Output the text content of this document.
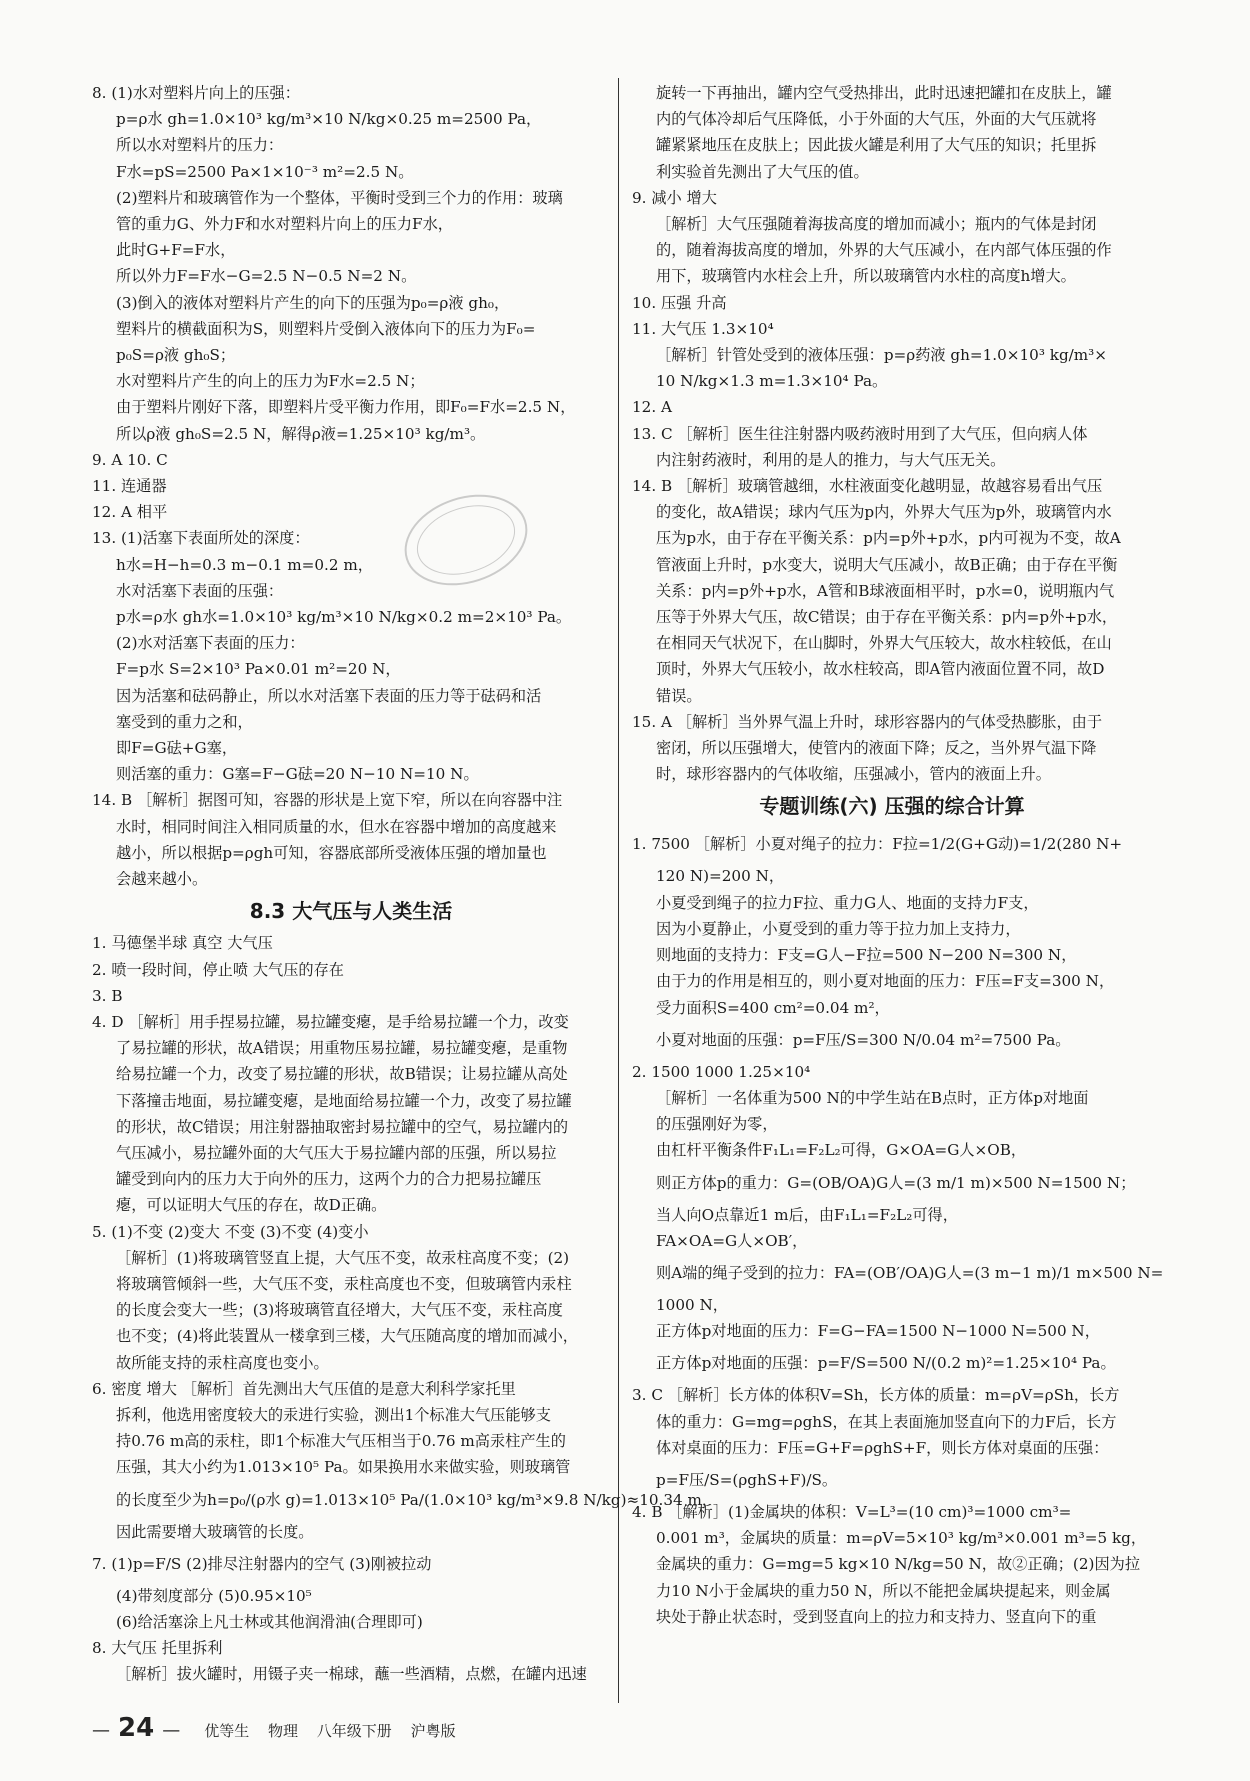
8. (1)水对塑料片向上的压强：
p=ρ水 gh=1.0×10³ kg/m³×10 N/kg×0.25 m=2500 Pa，
所以水对塑料片的压力：
F水=pS=2500 Pa×1×10⁻³ m²=2.5 N。
(2)塑料片和玻璃管作为一个整体，平衡时受到三个力的作用：玻璃
管的重力G、外力F和水对塑料片向上的压力F水，
此时G+F=F水，
所以外力F=F水−G=2.5 N−0.5 N=2 N。
(3)倒入的液体对塑料片产生的向下的压强为p₀=ρ液 gh₀，
塑料片的横截面积为S，则塑料片受倒入液体向下的压力为F₀=
p₀S=ρ液 gh₀S；
水对塑料片产生的向上的压力为F水=2.5 N；
由于塑料片刚好下落，即塑料片受平衡力作用，即F₀=F水=2.5 N，
所以ρ液 gh₀S=2.5 N，解得ρ液=1.25×10³ kg/m³。
9. A 10. C
11. 连通器
12. A 相平
13. (1)活塞下表面所处的深度：
h水=H−h=0.3 m−0.1 m=0.2 m，
水对活塞下表面的压强：
p水=ρ水 gh水=1.0×10³ kg/m³×10 N/kg×0.2 m=2×10³ Pa。
(2)水对活塞下表面的压力：
F=p水 S=2×10³ Pa×0.01 m²=20 N，
因为活塞和砝码静止，所以水对活塞下表面的压力等于砝码和活
塞受到的重力之和，
即F=G砝+G塞，
则活塞的重力：G塞=F−G砝=20 N−10 N=10 N。
14. B ［解析］据图可知，容器的形状是上宽下窄，所以在向容器中注
水时，相同时间注入相同质量的水，但水在容器中增加的高度越来
越小，所以根据p=ρgh可知，容器底部所受液体压强的增加量也
会越来越小。
8.3 大气压与人类生活
1. 马德堡半球 真空 大气压
2. 喷一段时间，停止喷 大气压的存在
3. B
4. D ［解析］用手捏易拉罐，易拉罐变瘪，是手给易拉罐一个力，改变
了易拉罐的形状，故A错误；用重物压易拉罐，易拉罐变瘪，是重物
给易拉罐一个力，改变了易拉罐的形状，故B错误；让易拉罐从高处
下落撞击地面，易拉罐变瘪，是地面给易拉罐一个力，改变了易拉罐
的形状，故C错误；用注射器抽取密封易拉罐中的空气，易拉罐内的
气压减小，易拉罐外面的大气压大于易拉罐内部的压强，所以易拉
罐受到向内的压力大于向外的压力，这两个力的合力把易拉罐压
瘪，可以证明大气压的存在，故D正确。
5. (1)不变 (2)变大 不变 (3)不变 (4)变小
［解析］(1)将玻璃管竖直上提，大气压不变，故汞柱高度不变；(2)
将玻璃管倾斜一些，大气压不变，汞柱高度也不变，但玻璃管内汞柱
的长度会变大一些；(3)将玻璃管直径增大，大气压不变，汞柱高度
也不变；(4)将此装置从一楼拿到三楼，大气压随高度的增加而减小，
故所能支持的汞柱高度也变小。
6. 密度 增大 ［解析］首先测出大气压值的是意大利科学家托里
拆利，他选用密度较大的汞进行实验，测出1个标准大气压能够支
持0.76 m高的汞柱，即1个标准大气压相当于0.76 m高汞柱产生的
压强，其大小约为1.013×10⁵ Pa。如果换用水来做实验，则玻璃管
的长度至少为h=p₀/(ρ水 g)=1.013×10⁵ Pa/(1.0×10³ kg/m³×9.8 N/kg)≈10.34 m，
因此需要增大玻璃管的长度。
7. (1)p=F/S (2)排尽注射器内的空气 (3)刚被拉动
(4)带刻度部分 (5)0.95×10⁵
(6)给活塞涂上凡士林或其他润滑油(合理即可)
8. 大气压 托里拆利
［解析］拔火罐时，用镊子夹一棉球，蘸一些酒精，点燃，在罐内迅速
旋转一下再抽出，罐内空气受热排出，此时迅速把罐扣在皮肤上，罐
内的气体冷却后气压降低，小于外面的大气压，外面的大气压就将
罐紧紧地压在皮肤上；因此拔火罐是利用了大气压的知识；托里拆
利实验首先测出了大气压的值。
9. 减小 增大
［解析］大气压强随着海拔高度的增加而减小；瓶内的气体是封闭
的，随着海拔高度的增加，外界的大气压减小，在内部气体压强的作
用下，玻璃管内水柱会上升，所以玻璃管内水柱的高度h增大。
10. 压强 升高
11. 大气压 1.3×10⁴
［解析］针管处受到的液体压强：p=ρ药液 gh=1.0×10³ kg/m³×
10 N/kg×1.3 m=1.3×10⁴ Pa。
12. A
13. C ［解析］医生往注射器内吸药液时用到了大气压，但向病人体
内注射药液时，利用的是人的推力，与大气压无关。
14. B ［解析］玻璃管越细，水柱液面变化越明显，故越容易看出气压
的变化，故A错误；球内气压为p内，外界大气压为p外，玻璃管内水
压为p水，由于存在平衡关系：p内=p外+p水，p内可视为不变，故A
管液面上升时，p水变大，说明大气压减小，故B正确；由于存在平衡
关系：p内=p外+p水，A管和B球液面相平时，p水=0，说明瓶内气
压等于外界大气压，故C错误；由于存在平衡关系：p内=p外+p水，
在相同天气状况下，在山脚时，外界大气压较大，故水柱较低，在山
顶时，外界大气压较小，故水柱较高，即A管内液面位置不同，故D
错误。
15. A ［解析］当外界气温上升时，球形容器内的气体受热膨胀，由于
密闭，所以压强增大，使管内的液面下降；反之，当外界气温下降
时，球形容器内的气体收缩，压强减小，管内的液面上升。
专题训练(六) 压强的综合计算
1. 7500 ［解析］小夏对绳子的拉力：F拉=1/2(G+G动)=1/2(280 N+
120 N)=200 N，
小夏受到绳子的拉力F拉、重力G人、地面的支持力F支，
因为小夏静止，小夏受到的重力等于拉力加上支持力，
则地面的支持力：F支=G人−F拉=500 N−200 N=300 N，
由于力的作用是相互的，则小夏对地面的压力：F压=F支=300 N，
受力面积S=400 cm²=0.04 m²，
小夏对地面的压强：p=F压/S=300 N/0.04 m²=7500 Pa。
2. 1500 1000 1.25×10⁴
［解析］一名体重为500 N的中学生站在B点时，正方体p对地面
的压强刚好为零，
由杠杆平衡条件F₁L₁=F₂L₂可得，G×OA=G人×OB，
则正方体p的重力：G=(OB/OA)G人=(3 m/1 m)×500 N=1500 N；
当人向O点靠近1 m后，由F₁L₁=F₂L₂可得，
FA×OA=G人×OB′，
则A端的绳子受到的拉力：FA=(OB′/OA)G人=(3 m−1 m)/1 m×500 N=
1000 N，
正方体p对地面的压力：F=G−FA=1500 N−1000 N=500 N，
正方体p对地面的压强：p=F/S=500 N/(0.2 m)²=1.25×10⁴ Pa。
3. C ［解析］长方体的体积V=Sh，长方体的质量：m=ρV=ρSh，长方
体的重力：G=mg=ρghS，在其上表面施加竖直向下的力F后，长方
体对桌面的压力：F压=G+F=ρghS+F，则长方体对桌面的压强：
p=F压/S=(ρghS+F)/S。
4. B ［解析］(1)金属块的体积：V=L³=(10 cm)³=1000 cm³=
0.001 m³，金属块的质量：m=ρV=5×10³ kg/m³×0.001 m³=5 kg，
金属块的重力：G=mg=5 kg×10 N/kg=50 N，故②正确；(2)因为拉
力10 N小于金属块的重力50 N，所以不能把金属块提起来，则金属
块处于静止状态时，受到竖直向上的拉力和支持力、竖直向下的重
— 24 — 优等生 物理 八年级下册 沪粤版
